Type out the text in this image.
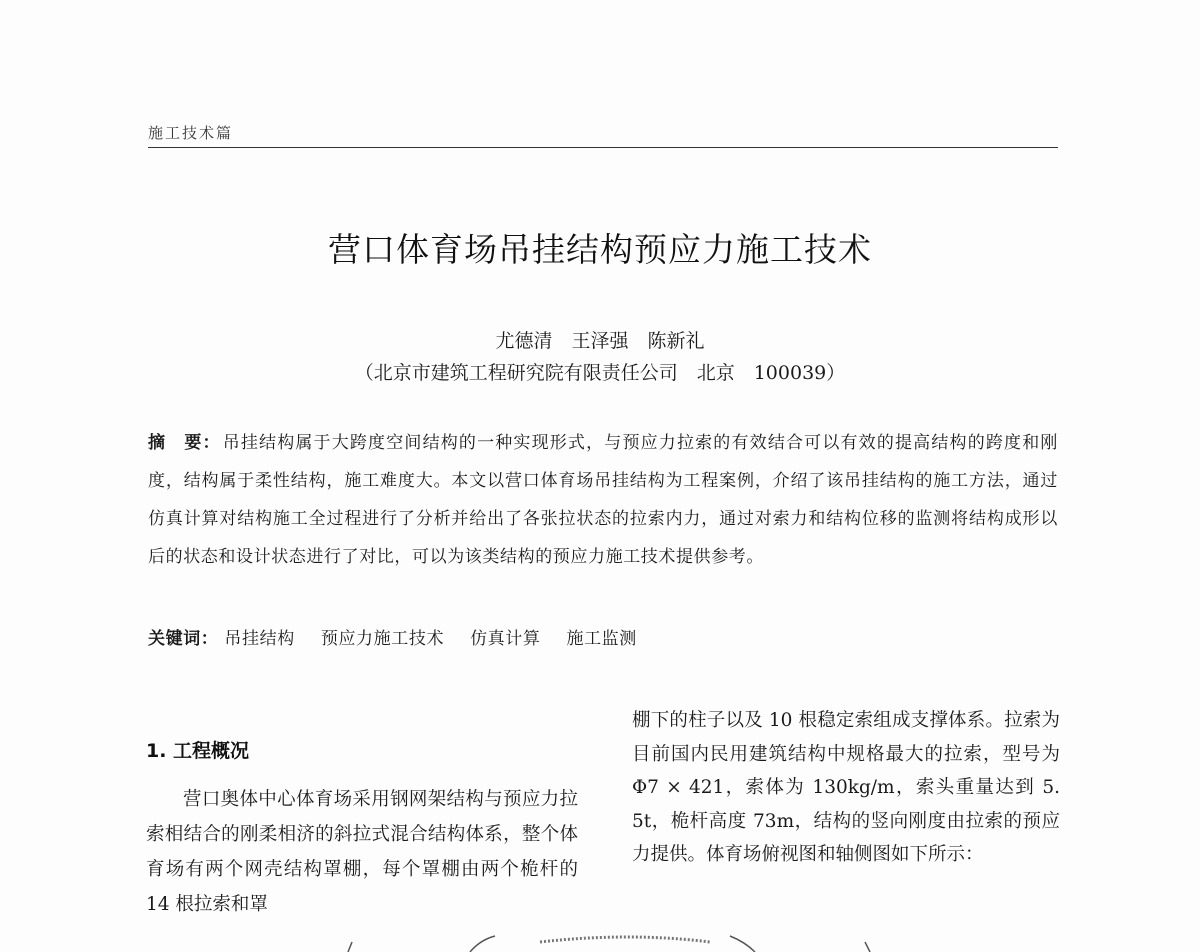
施工技术篇
营口体育场吊挂结构预应力施工技术
尤德清　王泽强　陈新礼
（北京市建筑工程研究院有限责任公司　北京　100039）
摘　要： 吊挂结构属于大跨度空间结构的一种实现形式，与预应力拉索的有效结合可以有效的提高结构的跨度和刚度，结构属于柔性结构，施工难度大。本文以营口体育场吊挂结构为工程案例，介绍了该吊挂结构的施工方法，通过仿真计算对结构施工全过程进行了分析并给出了各张拉状态的拉索内力，通过对索力和结构位移的监测将结构成形以后的状态和设计状态进行了对比，可以为该类结构的预应力施工技术提供参考。
关键词： 吊挂结构 预应力施工技术 仿真计算 施工监测
1. 工程概况
营口奥体中心体育场采用钢网架结构与预应力拉索相结合的刚柔相济的斜拉式混合结构体系，整个体育场有两个网壳结构罩棚，每个罩棚由两个桅杆的 14 根拉索和罩
棚下的柱子以及 10 根稳定索组成支撑体系。拉索为目前国内民用建筑结构中规格最大的拉索，型号为 Φ7 × 421，索体为 130kg/m，索头重量达到 5. 5t，桅杆高度 73m，结构的竖向刚度由拉索的预应力提供。体育场俯视图和轴侧图如下所示：
